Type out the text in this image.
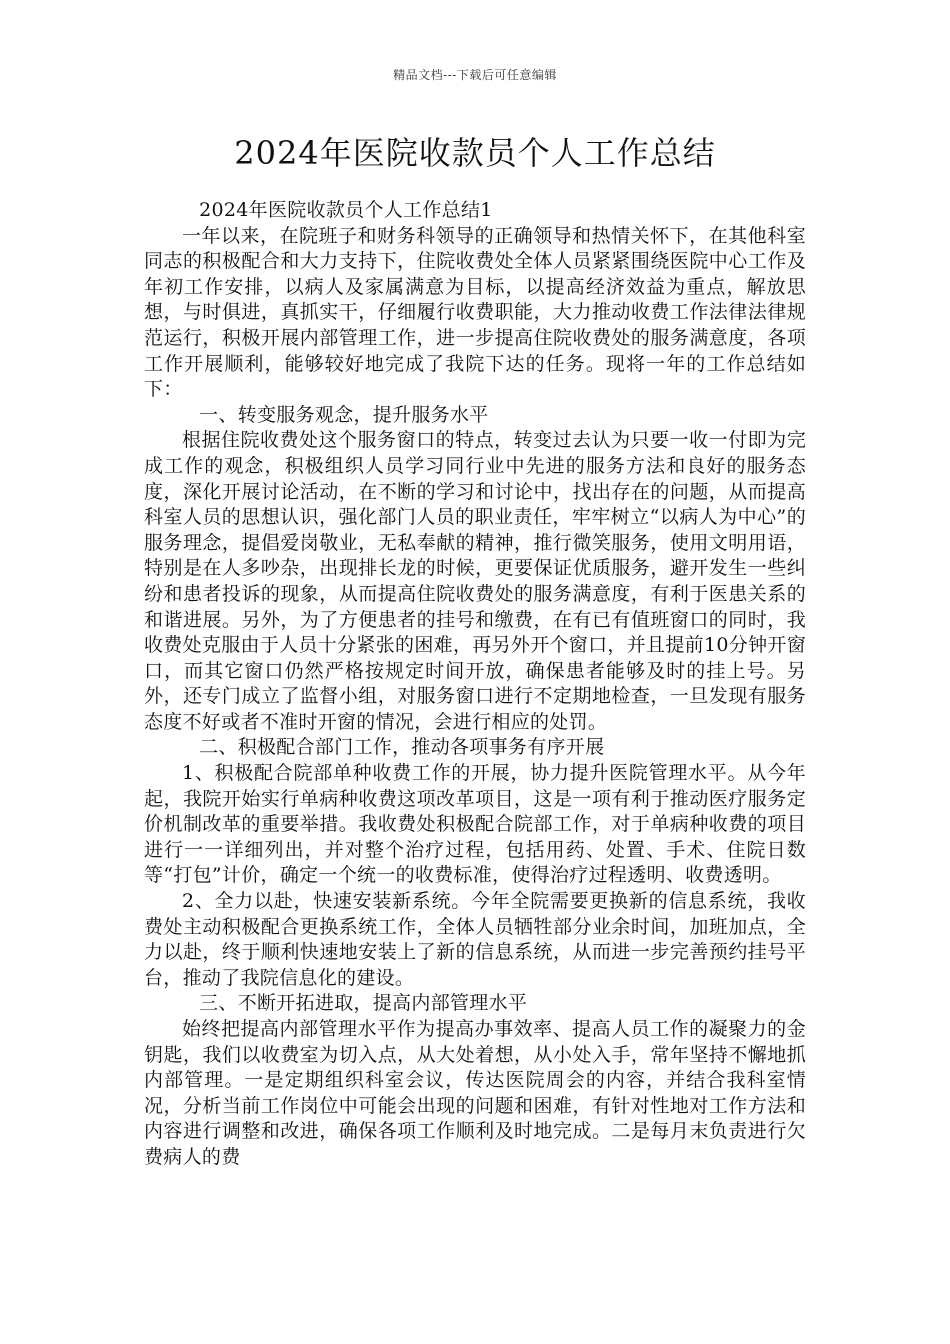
精品文档---下载后可任意编辑
2024年医院收款员个人工作总结

2024年医院收款员个人工作总结1

一年以来，在院班子和财务科领导的正确领导和热情关怀下，在其他科室同志的积极配合和大力支持下，住院收费处全体人员紧紧围绕医院中心工作及年初工作安排，以病人及家属满意为目标，以提高经济效益为重点，解放思想，与时俱进，真抓实干，仔细履行收费职能，大力推动收费工作法律法律规范运行，积极开展内部管理工作，进一步提高住院收费处的服务满意度，各项工作开展顺利，能够较好地完成了我院下达的任务。现将一年的工作总结如下：

一、转变服务观念，提升服务水平

根据住院收费处这个服务窗口的特点，转变过去认为只要一收一付即为完成工作的观念，积极组织人员学习同行业中先进的服务方法和良好的服务态度，深化开展讨论活动，在不断的学习和讨论中，找出存在的问题，从而提高科室人员的思想认识，强化部门人员的职业责任，牢牢树立“以病人为中心”的服务理念，提倡爱岗敬业，无私奉献的精神，推行微笑服务，使用文明用语，特别是在人多吵杂，出现排长龙的时候，更要保证优质服务，避开发生一些纠纷和患者投诉的现象，从而提高住院收费处的服务满意度，有利于医患关系的和谐进展。另外，为了方便患者的挂号和缴费，在有已有值班窗口的同时，我收费处克服由于人员十分紧张的困难，再另外开个窗口，并且提前10分钟开窗口，而其它窗口仍然严格按规定时间开放，确保患者能够及时的挂上号。另外，还专门成立了监督小组，对服务窗口进行不定期地检查，一旦发现有服务态度不好或者不准时开窗的情况，会进行相应的处罚。

二、积极配合部门工作，推动各项事务有序开展

1、积极配合院部单种收费工作的开展，协力提升医院管理水平。从今年起，我院开始实行单病种收费这项改革项目，这是一项有利于推动医疗服务定价机制改革的重要举措。我收费处积极配合院部工作，对于单病种收费的项目进行一一详细列出，并对整个治疗过程，包括用药、处置、手术、住院日数等“打包”计价，确定一个统一的收费标准，使得治疗过程透明、收费透明。

2、全力以赴，快速安装新系统。今年全院需要更换新的信息系统，我收费处主动积极配合更换系统工作，全体人员牺牲部分业余时间，加班加点，全力以赴，终于顺利快速地安装上了新的信息系统，从而进一步完善预约挂号平台，推动了我院信息化的建设。

三、不断开拓进取，提高内部管理水平

始终把提高内部管理水平作为提高办事效率、提高人员工作的凝聚力的金钥匙，我们以收费室为切入点，从大处着想，从小处入手，常年坚持不懈地抓内部管理。一是定期组织科室会议，传达医院周会的内容，并结合我科室情况，分析当前工作岗位中可能会出现的问题和困难，有针对性地对工作方法和内容进行调整和改进，确保各项工作顺利及时地完成。二是每月末负责进行欠费病人的费
